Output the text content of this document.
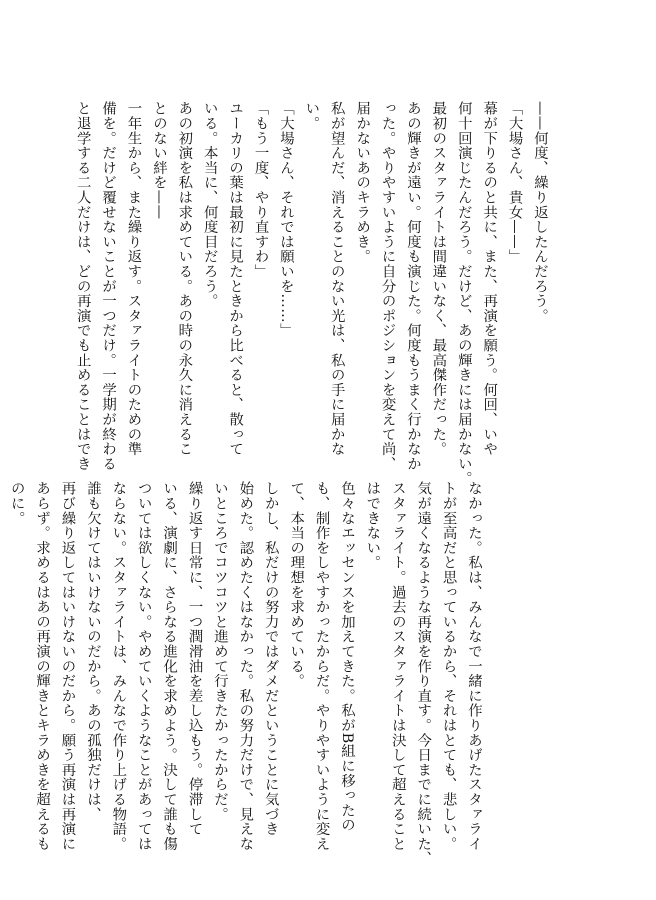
——何度、繰り返したんだろう。

「大場さん、貴女——」

幕が下りるのと共に、また、再演を願う。何回、いや

何十回演じたんだろう。だけど、あの輝きには届かない。

最初のスタァライトは間違いなく、最高傑作だった。

あの輝きが遠い。何度も演じた。何度もうまく行かなか

った。やりやすいように自分のポジションを変えて尚、

届かないあのキラめき。

私が望んだ、消えることのない光は、私の手に届かな

い。

「大場さん、それでは願いを……」

「もう一度、やり直すわ」

ユーカリの葉は最初に見たときから比べると、散って

いる。本当に、何度目だろう。

あの初演を私は求めている。あの時の永久に消えるこ

とのない絆を——

一年生から、また繰り返す。スタァライトのための準

備を。だけど覆せないことが一つだけ。一学期が終わる

と退学する二人だけは、どの再演でも止めることはでき

なかった。私は、みんなで一緒に作りあげたスタァライ

トが至高だと思っているから、それはとても、悲しい。

気が遠くなるような再演を作り直す。今日までに続いた、

スタァライト。過去のスタァライトは決して超えること

はできない。

色々なエッセンスを加えてきた。私がB組に移ったの

も、制作をしやすかったからだ。やりやすいように変え

て、本当の理想を求めている。

しかし、私だけの努力ではダメだということに気づき

始めた。認めたくはなかった。私の努力だけで、見えな

いところでコツコツと進めて行きたかったからだ。

繰り返す日常に、一つ潤滑油を差し込もう。停滞して

いる、演劇に、さらなる進化を求めよう。決して誰も傷

ついては欲しくない。やめていくようなことがあっては

ならない。スタァライトは、みんなで作り上げる物語。

誰も欠けてはいけないのだから。あの孤独だけは、

再び繰り返してはいけないのだから。願う再演は再演に

あらず。求めるはあの再演の輝きとキラめきを超えるも

のに。
